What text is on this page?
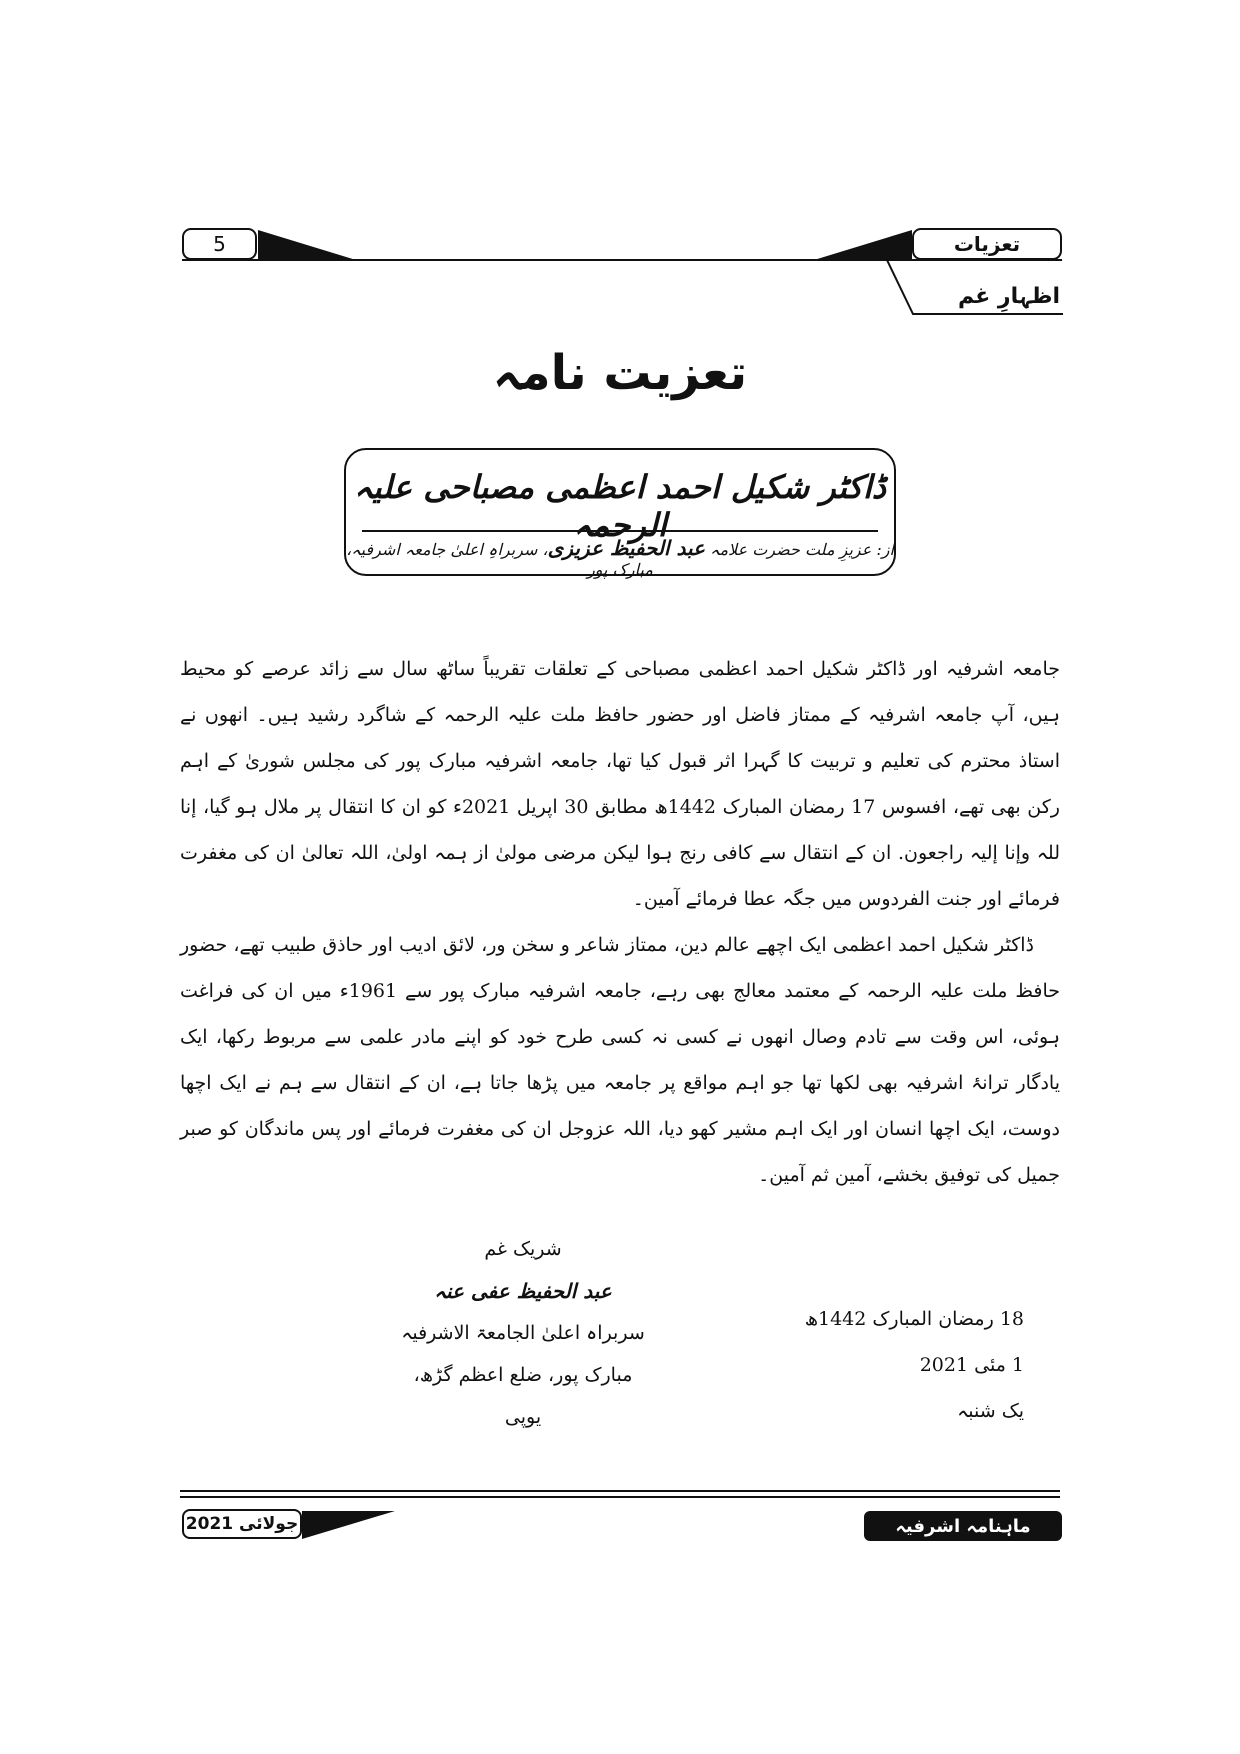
5	تعزیات
اظہارِ غم
تعزیت نامہ
ڈاکٹر شکیل احمد اعظمی مصباحی علیہ الرحمہ
از: عزیزِ ملت حضرت علامہ عبد الحفیظ عزیزی، سربراہِ اعلیٰ جامعہ اشرفیہ، مبارک پور

جامعہ اشرفیہ اور ڈاکٹر شکیل احمد اعظمی مصباحی کے تعلقات تقریباً ساٹھ سال سے زائد عرصے کو محیط ہیں، آپ جامعہ اشرفیہ کے ممتاز فاضل اور حضور حافظ ملت علیہ الرحمہ کے شاگرد رشید ہیں۔ انھوں نے استاذ محترم کی تعلیم و تربیت کا گہرا اثر قبول کیا تھا، جامعہ اشرفیہ مبارک پور کی مجلس شوریٰ کے اہم رکن بھی تھے، افسوس 17 رمضان المبارک 1442ھ مطابق 30 اپریل 2021ء کو ان کا انتقال پر ملال ہو گیا، إنا للہ وإنا إلیہ راجعون. ان کے انتقال سے کافی رنج ہوا لیکن مرضی مولیٰ از ہمہ اولیٰ، اللہ تعالیٰ ان کی مغفرت فرمائے اور جنت الفردوس میں جگہ عطا فرمائے آمین۔

ڈاکٹر شکیل احمد اعظمی ایک اچھے عالم دین، ممتاز شاعر و سخن ور، لائق ادیب اور حاذق طبیب تھے، حضور حافظ ملت علیہ الرحمہ کے معتمد معالج بھی رہے، جامعہ اشرفیہ مبارک پور سے 1961ء میں ان کی فراغت ہوئی، اس وقت سے تادم وصال انھوں نے کسی نہ کسی طرح خود کو اپنے مادر علمی سے مربوط رکھا، ایک یادگار ترانۂ اشرفیہ بھی لکھا تھا جو اہم مواقع پر جامعہ میں پڑھا جاتا ہے، ان کے انتقال سے ہم نے ایک اچھا دوست، ایک اچھا انسان اور ایک اہم مشیر کھو دیا، اللہ عزوجل ان کی مغفرت فرمائے اور پس ماندگان کو صبر جمیل کی توفیق بخشے، آمین ثم آمین۔

شریک غم
عبد الحفیظ عفی عنہ
سربراہ اعلیٰ الجامعۃ الاشرفیہ
مبارک پور، ضلع اعظم گڑھ، یوپی
18 رمضان المبارک 1442ھ
1 مئی 2021
یک شنبہ
جولائی

2021	ماہنامہ اشرفیہ
